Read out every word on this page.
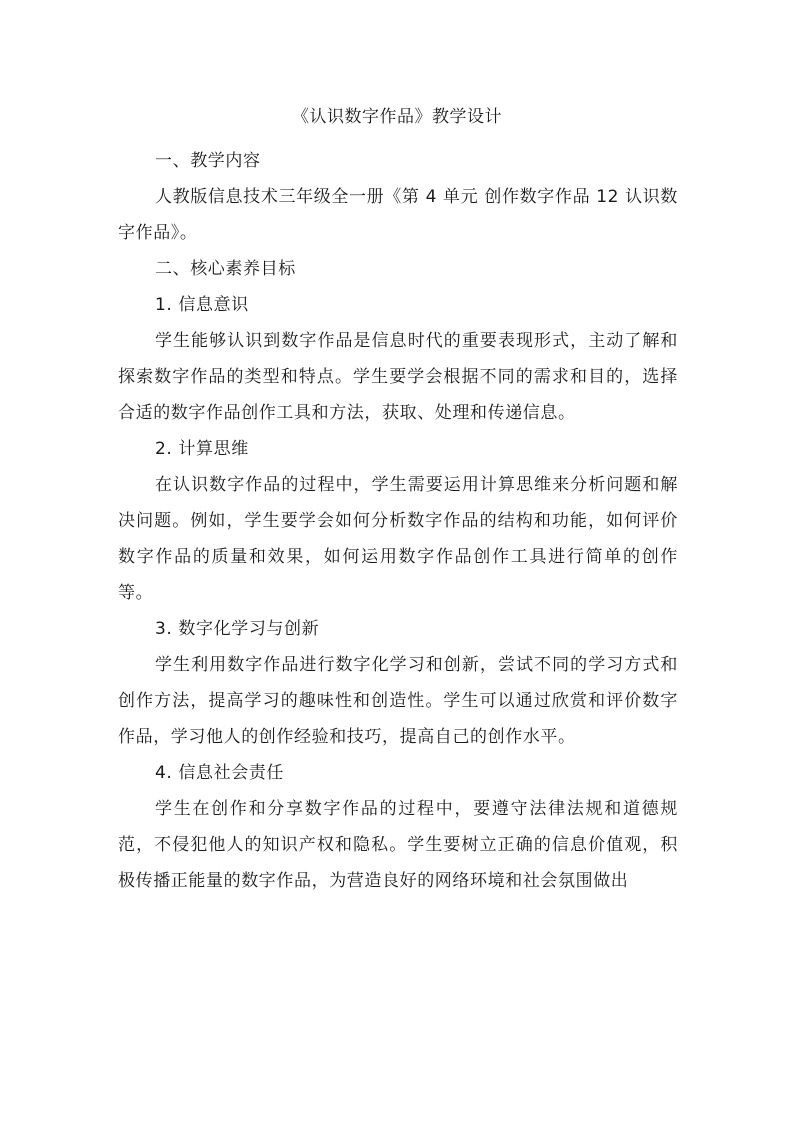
《认识数字作品》教学设计

一、教学内容

人教版信息技术三年级全一册《第 4 单元 创作数字作品 12 认识数字作品》。

二、核心素养目标

1. 信息意识

学生能够认识到数字作品是信息时代的重要表现形式，主动了解和探索数字作品的类型和特点。学生要学会根据不同的需求和目的，选择合适的数字作品创作工具和方法，获取、处理和传递信息。

2. 计算思维

在认识数字作品的过程中，学生需要运用计算思维来分析问题和解决问题。例如，学生要学会如何分析数字作品的结构和功能，如何评价数字作品的质量和效果，如何运用数字作品创作工具进行简单的创作等。

3. 数字化学习与创新

学生利用数字作品进行数字化学习和创新，尝试不同的学习方式和创作方法，提高学习的趣味性和创造性。学生可以通过欣赏和评价数字作品，学习他人的创作经验和技巧，提高自己的创作水平。

4. 信息社会责任

学生在创作和分享数字作品的过程中，要遵守法律法规和道德规范，不侵犯他人的知识产权和隐私。学生要树立正确的信息价值观，积极传播正能量的数字作品，为营造良好的网络环境和社会氛围做出
